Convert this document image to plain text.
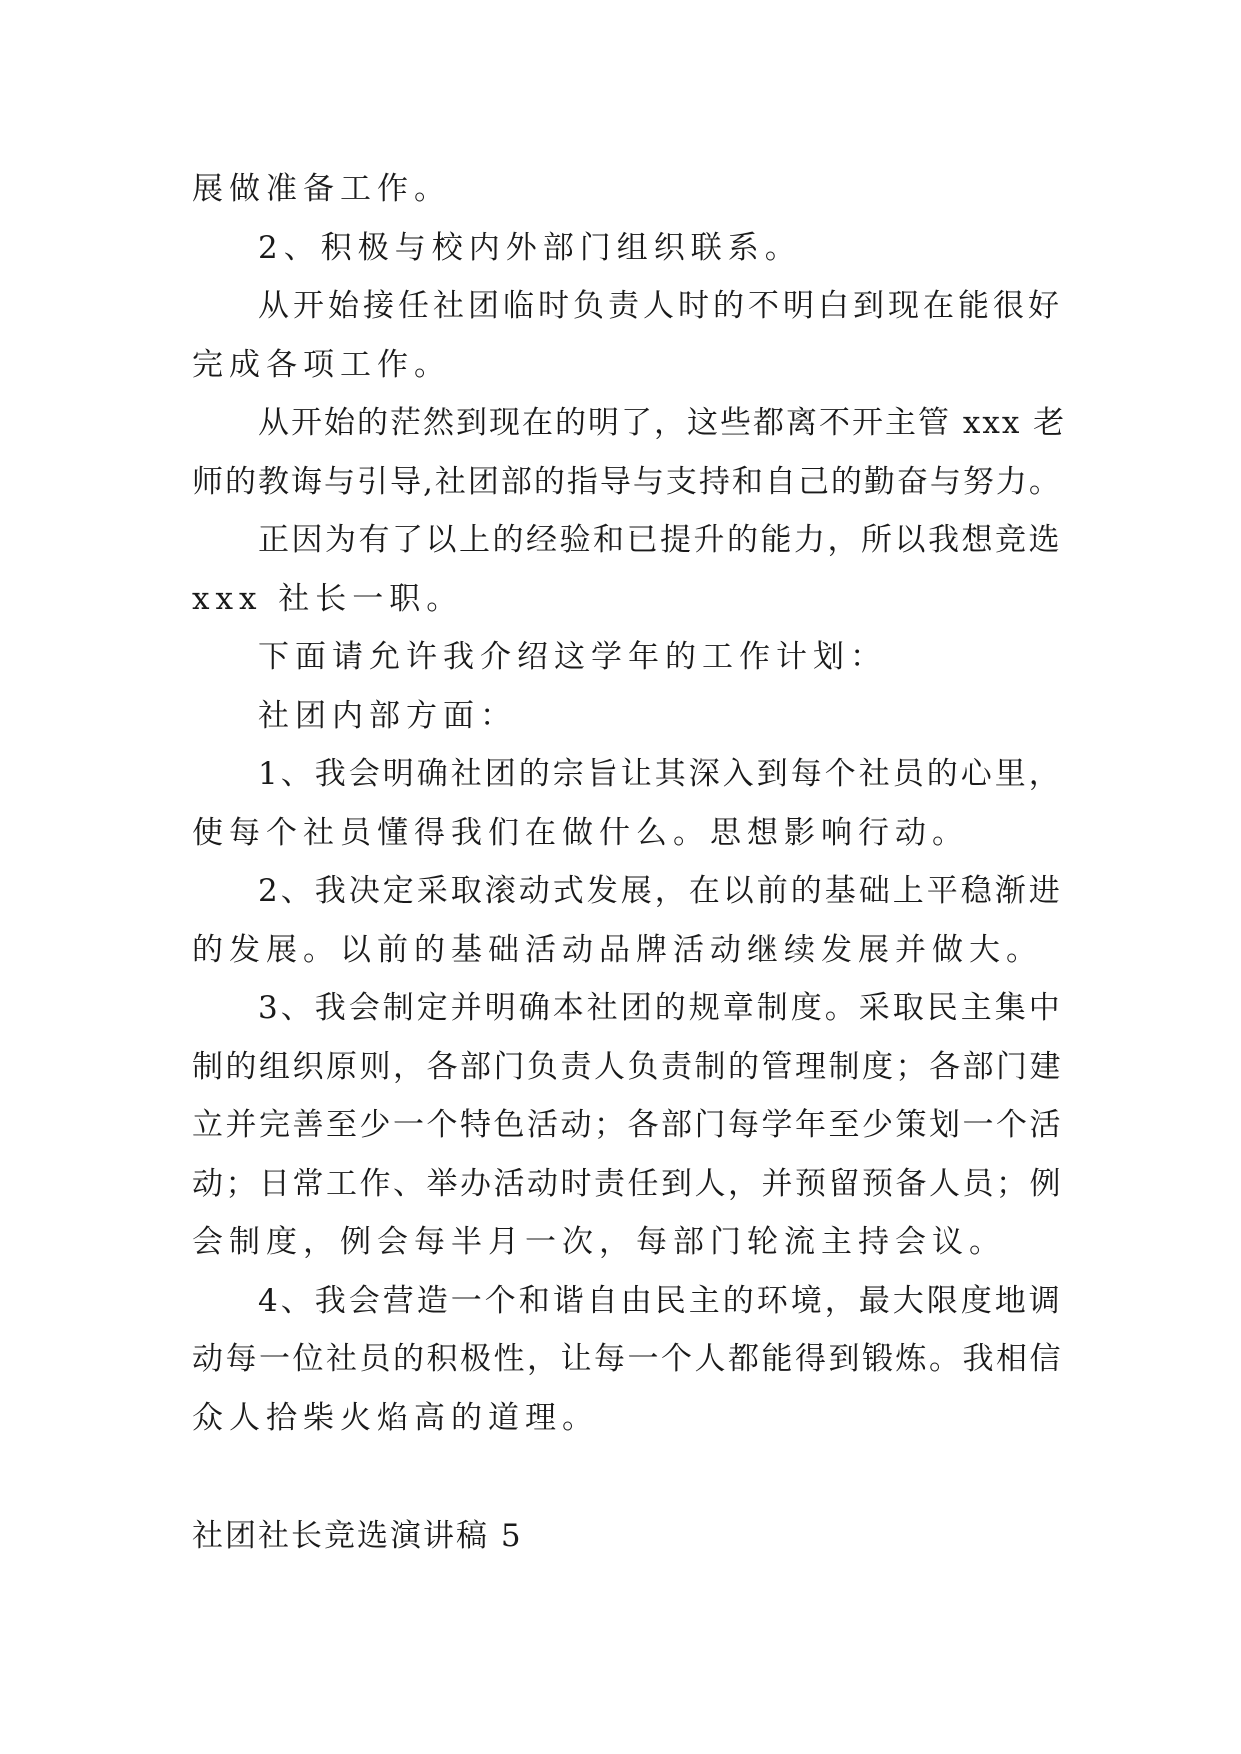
展做准备工作。

2、积极与校内外部门组织联系。

从开始接任社团临时负责人时的不明白到现在能很好

完成各项工作。

从开始的茫然到现在的明了，这些都离不开主管 xxx 老

师的教诲与引导,社团部的指导与支持和自己的勤奋与努力。

正因为有了以上的经验和已提升的能力，所以我想竞选

xxx 社长一职。

下面请允许我介绍这学年的工作计划：

社团内部方面：

1、我会明确社团的宗旨让其深入到每个社员的心里，

使每个社员懂得我们在做什么。思想影响行动。

2、我决定采取滚动式发展，在以前的基础上平稳渐进

的发展。以前的基础活动品牌活动继续发展并做大。

3、我会制定并明确本社团的规章制度。采取民主集中

制的组织原则，各部门负责人负责制的管理制度；各部门建

立并完善至少一个特色活动；各部门每学年至少策划一个活

动；日常工作、举办活动时责任到人，并预留预备人员；例

会制度，例会每半月一次，每部门轮流主持会议。

4、我会营造一个和谐自由民主的环境，最大限度地调

动每一位社员的积极性，让每一个人都能得到锻炼。我相信

众人拾柴火焰高的道理。

社团社长竞选演讲稿 5
